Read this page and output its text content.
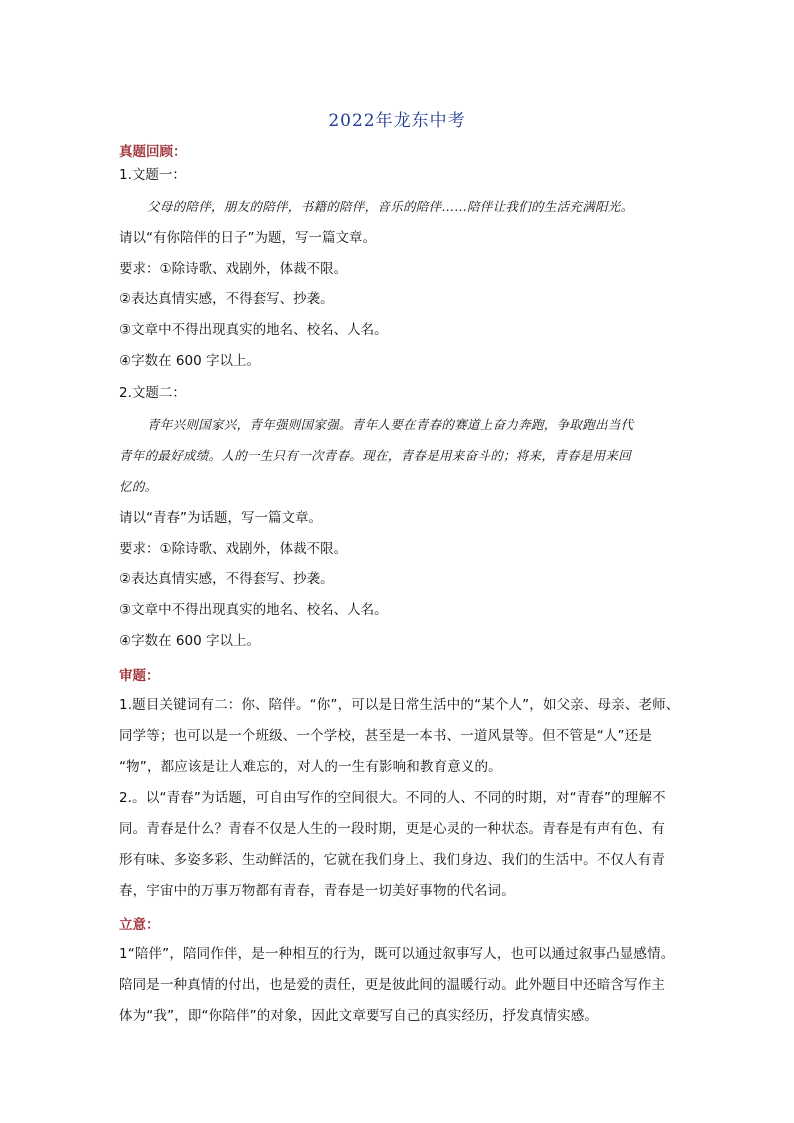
2022年龙东中考
真题回顾：
1.文题一：
父母的陪伴，朋友的陪伴，书籍的陪伴，音乐的陪伴……陪伴让我们的生活充满阳光。
请以“有你陪伴的日子”为题，写一篇文章。
要求：①除诗歌、戏剧外，体裁不限。
②表达真情实感，不得套写、抄袭。
③文章中不得出现真实的地名、校名、人名。
④字数在 600 字以上。
2.文题二：
青年兴则国家兴，青年强则国家强。青年人要在青春的赛道上奋力奔跑，争取跑出当代
青年的最好成绩。人的一生只有一次青春。现在，青春是用来奋斗的；将来，青春是用来回
忆的。
请以“青春”为话题，写一篇文章。
要求：①除诗歌、戏剧外，体裁不限。
②表达真情实感，不得套写、抄袭。
③文章中不得出现真实的地名、校名、人名。
④字数在 600 字以上。
审题：
1.题目关键词有二：你、陪伴。“你”，可以是日常生活中的“某个人”，如父亲、母亲、老师、
同学等；也可以是一个班级、一个学校，甚至是一本书、一道风景等。但不管是“人”还是
“物”，都应该是让人难忘的，对人的一生有影响和教育意义的。
2.。以“青春”为话题，可自由写作的空间很大。不同的人、不同的时期，对“青春”的理解不
同。青春是什么？青春不仅是人生的一段时期，更是心灵的一种状态。青春是有声有色、有
形有味、多姿多彩、生动鲜活的，它就在我们身上、我们身边、我们的生活中。不仅人有青
春，宇宙中的万事万物都有青春，青春是一切美好事物的代名词。
立意：
1“陪伴”，陪同作伴，是一种相互的行为，既可以通过叙事写人，也可以通过叙事凸显感情。
陪同是一种真情的付出，也是爱的责任，更是彼此间的温暖行动。此外题目中还暗含写作主
体为“我”，即“你陪伴”的对象，因此文章要写自己的真实经历，抒发真情实感。
